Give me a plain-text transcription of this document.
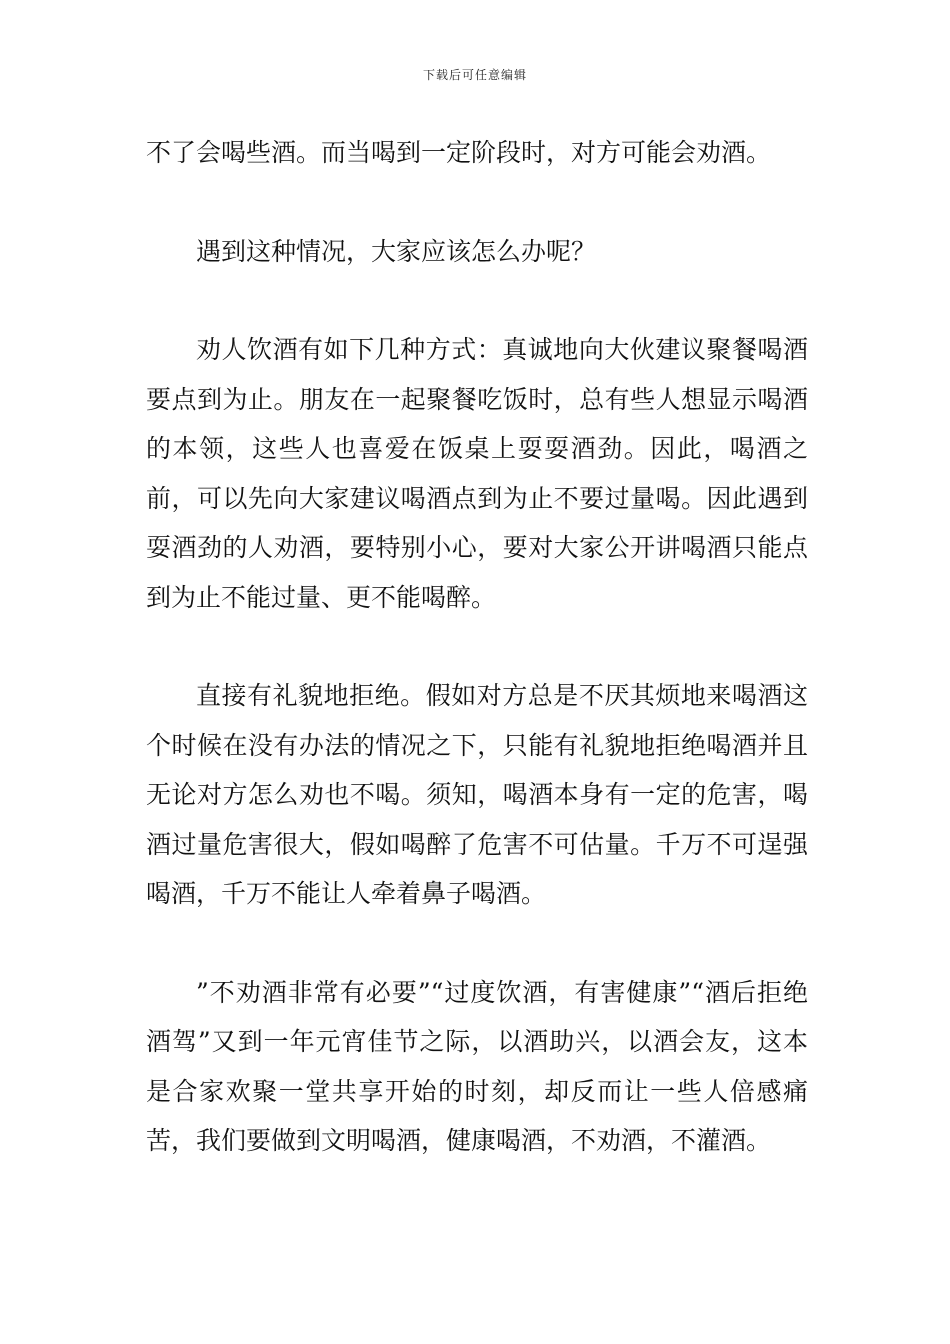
下载后可任意编辑

不了会喝些酒。而当喝到一定阶段时，对方可能会劝酒。

遇到这种情况，大家应该怎么办呢？

劝人饮酒有如下几种方式：真诚地向大伙建议聚餐喝酒要点到为止。朋友在一起聚餐吃饭时，总有些人想显示喝酒的本领，这些人也喜爱在饭桌上耍耍酒劲。因此，喝酒之前，可以先向大家建议喝酒点到为止不要过量喝。因此遇到耍酒劲的人劝酒，要特别小心，要对大家公开讲喝酒只能点到为止不能过量、更不能喝醉。

直接有礼貌地拒绝。假如对方总是不厌其烦地来喝酒这个时候在没有办法的情况之下，只能有礼貌地拒绝喝酒并且无论对方怎么劝也不喝。须知，喝酒本身有一定的危害，喝酒过量危害很大，假如喝醉了危害不可估量。千万不可逞强喝酒，千万不能让人牵着鼻子喝酒。

”不劝酒非常有必要”“过度饮酒，有害健康”“酒后拒绝酒驾”又到一年元宵佳节之际，以酒助兴，以酒会友，这本是合家欢聚一堂共享开始的时刻，却反而让一些人倍感痛苦，我们要做到文明喝酒，健康喝酒，不劝酒，不灌酒。
